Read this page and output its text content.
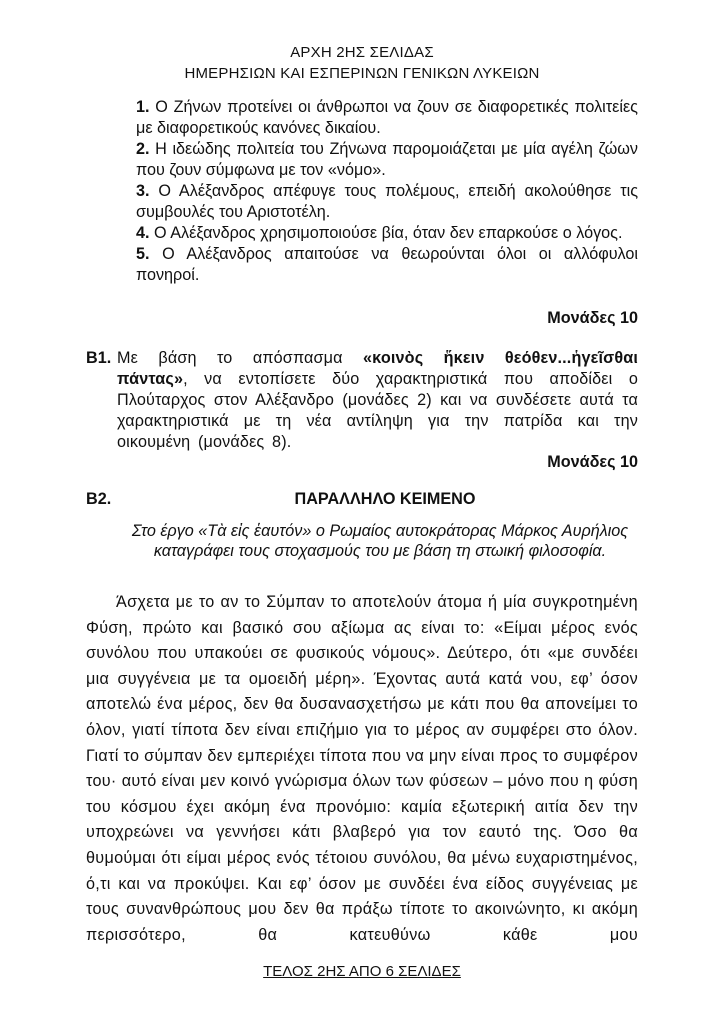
ΑΡΧΗ 2ΗΣ ΣΕΛΙΔΑΣ
ΗΜΕΡΗΣΙΩΝ ΚΑΙ ΕΣΠΕΡΙΝΩΝ ΓΕΝΙΚΩΝ ΛΥΚΕΙΩΝ

1. Ο Ζήνων προτείνει οι άνθρωποι να ζουν σε διαφορετικές πολιτείες με διαφορετικούς κανόνες δικαίου.

2. Η ιδεώδης πολιτεία του Ζήνωνα παρομοιάζεται με μία αγέλη ζώων που ζουν σύμφωνα με τον «νόμο».

3. Ο Αλέξανδρος απέφυγε τους πολέμους, επειδή ακολούθησε τις συμβουλές του Αριστοτέλη.

4. Ο Αλέξανδρος χρησιμοποιούσε βία, όταν δεν επαρκούσε ο λόγος.

5. Ο Αλέξανδρος απαιτούσε να θεωρούνται όλοι οι αλλόφυλοι πονηροί.

Μονάδες 10
Β1. Με βάση το απόσπασμα «κοινὸς ἥκειν θεόθεν...ἡγεῖσθαι πάντας», να εντοπίσετε δύο χαρακτηριστικά που αποδίδει ο Πλούταρχος στον Αλέξανδρο (μονάδες 2) και να συνδέσετε αυτά τα χαρακτηριστικά με τη νέα αντίληψη για την πατρίδα και την οικουμένη (μονάδες 8).
Μονάδες 10
Β2.	ΠΑΡΑΛΛΗΛΟ ΚΕΙΜΕΝΟ
Στο έργο «Τὰ εἰς ἑαυτόν» ο Ρωμαίος αυτοκράτορας Μάρκος Αυρήλιος καταγράφει τους στοχασμούς του με βάση τη στωική φιλοσοφία.

Άσχετα με το αν το Σύμπαν το αποτελούν άτομα ή μία συγκροτημένη Φύση, πρώτο και βασικό σου αξίωμα ας είναι το: «Είμαι μέρος ενός συνόλου που υπακούει σε φυσικούς νόμους». Δεύτερο, ότι «με συνδέει μια συγγένεια με τα ομοειδή μέρη». Έχοντας αυτά κατά νου, εφ’ όσον αποτελώ ένα μέρος, δεν θα δυσανασχετήσω με κάτι που θα απονείμει το όλον, γιατί τίποτα δεν είναι επιζήμιο για το μέρος αν συμφέρει στο όλον. Γιατί το σύμπαν δεν εμπεριέχει τίποτα που να μην είναι προς το συμφέρον του· αυτό είναι μεν κοινό γνώρισμα όλων των φύσεων – μόνο που η φύση του κόσμου έχει ακόμη ένα προνόμιο: καμία εξωτερική αιτία δεν την υποχρεώνει να γεννήσει κάτι βλαβερό για τον εαυτό της. Όσο θα θυμούμαι ότι είμαι μέρος ενός τέτοιου συνόλου, θα μένω ευχαριστημένος, ό,τι και να προκύψει. Και εφ’ όσον με συνδέει ένα είδος συγγένειας με τους συνανθρώπους μου δεν θα πράξω τίποτε το ακοινώνητο, κι ακόμη περισσότερο, θα κατευθύνω κάθε μου

ΤΕΛΟΣ 2ΗΣ ΑΠΟ 6 ΣΕΛΙΔΕΣ
